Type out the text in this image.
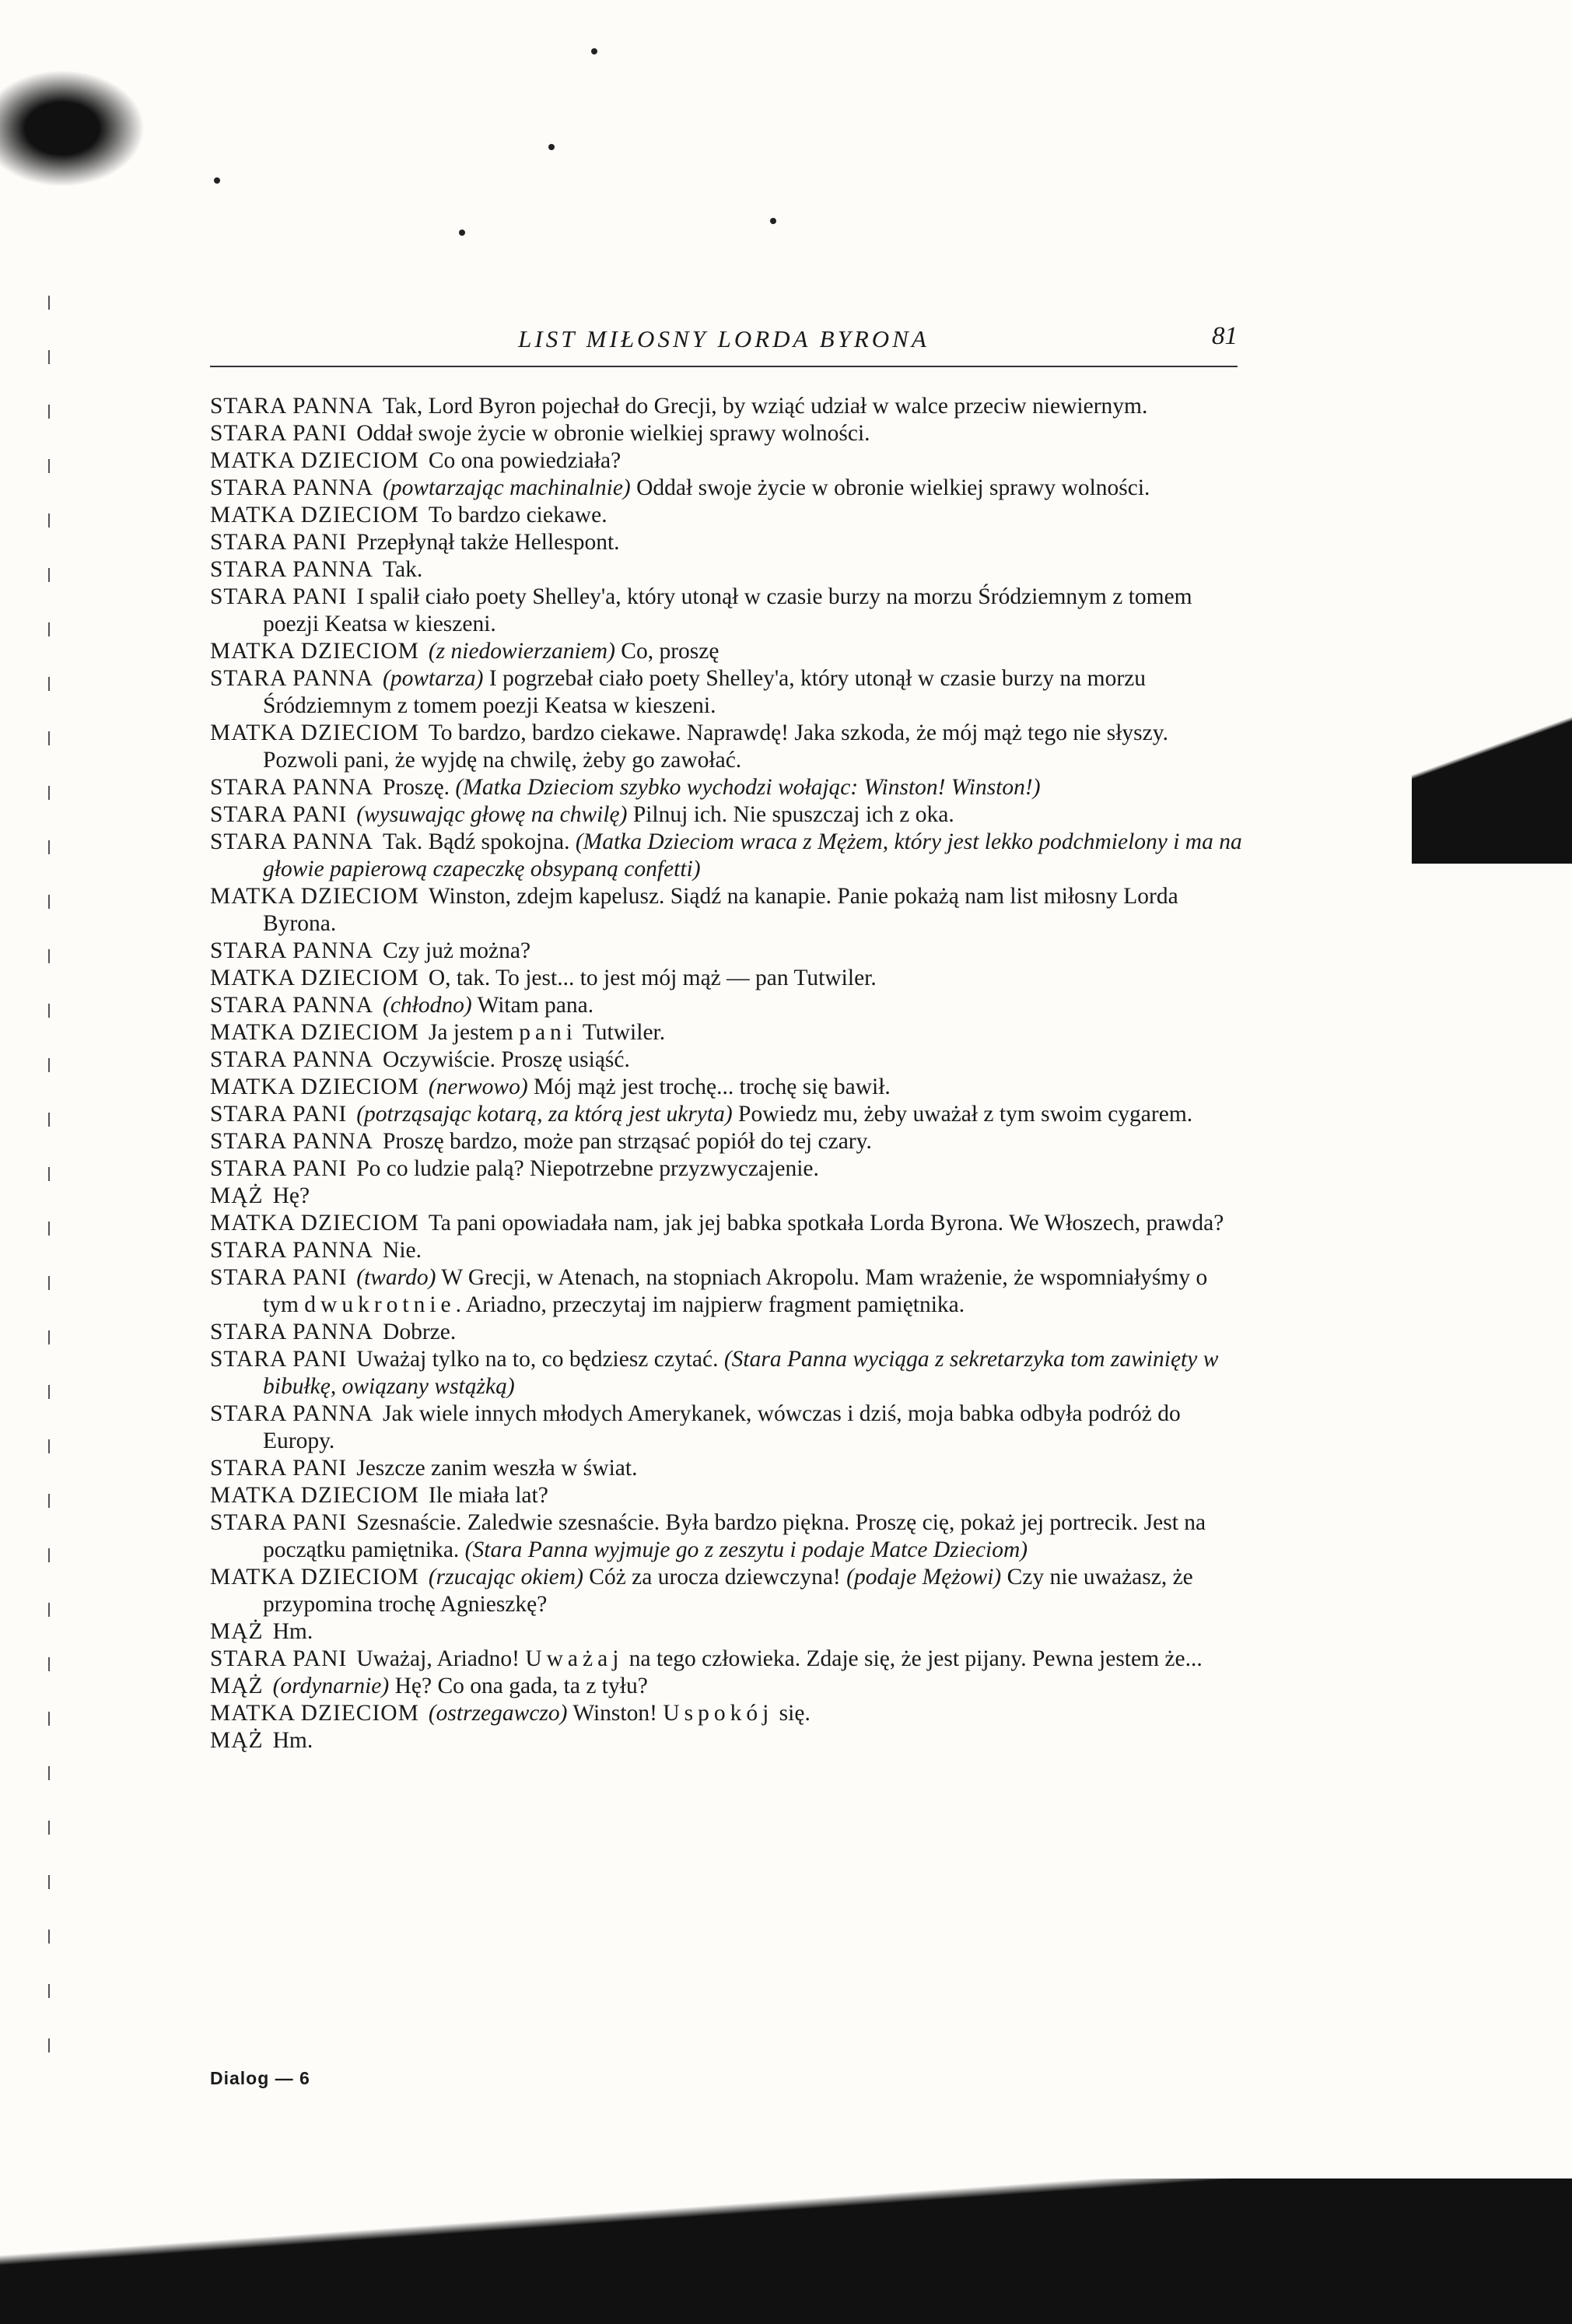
LIST MIŁOSNY LORDA BYRONA	81
STARA PANNA Tak, Lord Byron pojechał do Grecji, by wziąć udział w walce przeciw niewiernym.
STARA PANI Oddał swoje życie w obronie wielkiej sprawy wolności.
MATKA DZIECIOM Co ona powiedziała?
STARA PANNA (powtarzając machinalnie) Oddał swoje życie w obronie wielkiej sprawy wolności.
MATKA DZIECIOM To bardzo ciekawe.
STARA PANI Przepłynął także Hellespont.
STARA PANNA Tak.
STARA PANI I spalił ciało poety Shelley'a, który utonął w czasie burzy na morzu Śródziemnym z tomem poezji Keatsa w kieszeni.
MATKA DZIECIOM (z niedowierzaniem) Co, proszę
STARA PANNA (powtarza) I pogrzebał ciało poety Shelley'a, który utonął w czasie burzy na morzu Śródziemnym z tomem poezji Keatsa w kieszeni.
MATKA DZIECIOM To bardzo, bardzo ciekawe. Naprawdę! Jaka szkoda, że mój mąż tego nie słyszy. Pozwoli pani, że wyjdę na chwilę, żeby go zawołać.
STARA PANNA Proszę. (Matka Dzieciom szybko wychodzi wołając: Winston! Winston!)
STARA PANI (wysuwając głowę na chwilę) Pilnuj ich. Nie spuszczaj ich z oka.
STARA PANNA Tak. Bądź spokojna. (Matka Dzieciom wraca z Mężem, który jest lekko podchmielony i ma na głowie papierową czapeczkę obsypaną confetti)
MATKA DZIECIOM Winston, zdejm kapelusz. Siądź na kanapie. Panie pokażą nam list miłosny Lorda Byrona.
STARA PANNA Czy już można?
MATKA DZIECIOM O, tak. To jest... to jest mój mąż — pan Tutwiler.
STARA PANNA (chłodno) Witam pana.
MATKA DZIECIOM Ja jestem pani Tutwiler.
STARA PANNA Oczywiście. Proszę usiąść.
MATKA DZIECIOM (nerwowo) Mój mąż jest trochę... trochę się bawił.
STARA PANI (potrząsając kotarą, za którą jest ukryta) Powiedz mu, żeby uważał z tym swoim cygarem.
STARA PANNA Proszę bardzo, może pan strząsać popiół do tej czary.
STARA PANI Po co ludzie palą? Niepotrzebne przyzwyczajenie.
MĄŻ Hę?
MATKA DZIECIOM Ta pani opowiadała nam, jak jej babka spotkała Lorda Byrona. We Włoszech, prawda?
STARA PANNA Nie.
STARA PANI (twardo) W Grecji, w Atenach, na stopniach Akropolu. Mam wrażenie, że wspomniałyśmy o tym dwukrotnie. Ariadno, przeczytaj im najpierw fragment pamiętnika.
STARA PANNA Dobrze.
STARA PANI Uważaj tylko na to, co będziesz czytać. (Stara Panna wyciąga z sekretarzyka tom zawinięty w bibułkę, owiązany wstążką)
STARA PANNA Jak wiele innych młodych Amerykanek, wówczas i dziś, moja babka odbyła podróż do Europy.
STARA PANI Jeszcze zanim weszła w świat.
MATKA DZIECIOM Ile miała lat?
STARA PANI Szesnaście. Zaledwie szesnaście. Była bardzo piękna. Proszę cię, pokaż jej portrecik. Jest na początku pamiętnika. (Stara Panna wyjmuje go z zeszytu i podaje Matce Dzieciom)
MATKA DZIECIOM (rzucając okiem) Cóż za urocza dziewczyna! (podaje Mężowi) Czy nie uważasz, że przypomina trochę Agnieszkę?
MĄŻ Hm.
STARA PANI Uważaj, Ariadno! Uważaj na tego człowieka. Zdaje się, że jest pijany. Pewna jestem że...
MĄŻ (ordynarnie) Hę? Co ona gada, ta z tyłu?
MATKA DZIECIOM (ostrzegawczo) Winston! Uspokój się.
MĄŻ Hm.
Dialog — 6
